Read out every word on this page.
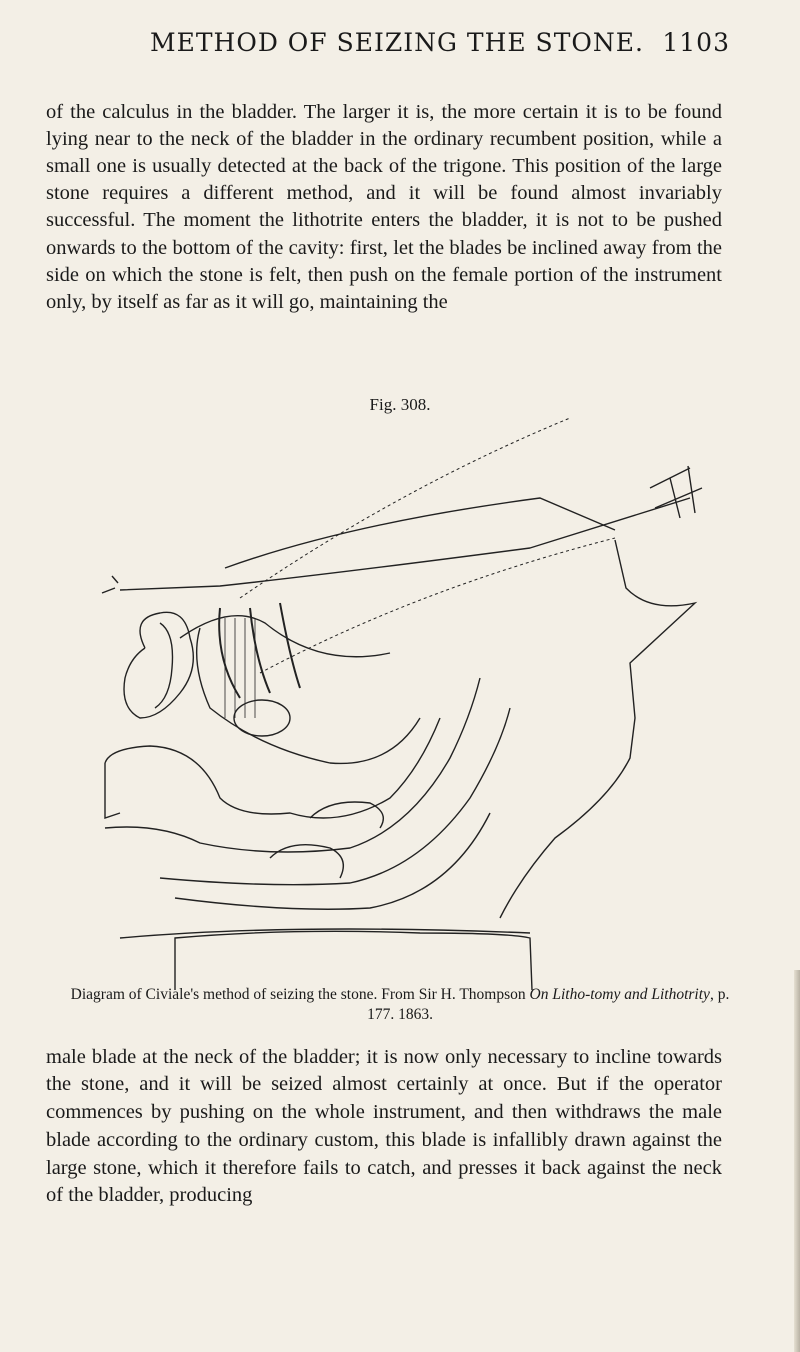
METHOD OF SEIZING THE STONE. 1103

of the calculus in the bladder. The larger it is, the more certain it is to be found lying near to the neck of the bladder in the ordinary recumbent position, while a small one is usually detected at the back of the trigone. This position of the large stone requires a different method, and it will be found almost invariably successful. The moment the lithotrite enters the bladder, it is not to be pushed onwards to the bottom of the cavity: first, let the blades be inclined away from the side on which the stone is felt, then push on the female portion of the instrument only, by itself as far as it will go, maintaining the

Fig. 308.
Diagram of Civiale's method of seizing the stone. From Sir H. Thompson On Litho-tomy and Lithotrity, p. 177. 1863.

male blade at the neck of the bladder; it is now only necessary to incline towards the stone, and it will be seized almost certainly at once. But if the operator commences by pushing on the whole instrument, and then withdraws the male blade according to the ordinary custom, this blade is infallibly drawn against the large stone, which it therefore fails to catch, and presses it back against the neck of the bladder, producing
